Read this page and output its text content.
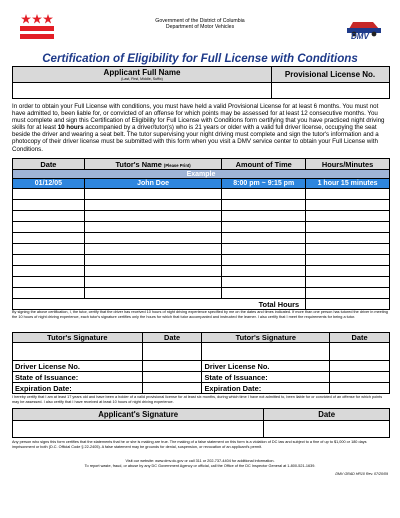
Government of the District of Columbia
Department of Motor Vehicles
DMV
Certification of Eligibility for Full License with Conditions
Applicant Full Name
(Last, First, Middle, Suffix)	Provisional License No.
In order to obtain your Full License with conditions, you must have held a valid Provisional License for at least 6 months. You must not have admitted to, been liable for, or convicted of an offense for which points may be assessed for at least 12 consecutive months. You must complete and sign this Certification of Eligibility for Full License with Conditions form certifying that you have practiced night driving skills for at least 10 hours accompanied by a driver/tutor(s) who is 21 years or older with a valid full driver license, occupying the seat beside the driver and wearing a seat belt. The tutor supervising your night driving must complete and sign the tutor's information and a photocopy of their driver license must be submitted with this form when you visit a DMV service center to obtain your Full License with Conditions.
Date	Tutor's Name (Please Print)	Amount of Time	Hours/Minutes
Example			
01/12/05	John Doe	8:00 pm ~ 9:15 pm	1 hour 15 minutes

Total Hours			
By signing the above certification, I, the tutor, certify that the driver has received 10 hours of night driving experience specified by me on the dates and times indicated. If more than one person has tutored the driver in meeting the 10 hours of night driving experience, each tutor's signature certifies only the hours for which that tutor accompanied and instructed the learner. I also certify that I meet the requirements for being a tutor.
Tutor's Signature	Date	Tutor's Signature	Date

Driver License No.		Driver License No.	
State of Issuance:		State of Issuance:	
Expiration Date:		Expiration Date:	
I hereby certify that I am at least 17 years old and have been a holder of a valid provisional license for at least six months, during which time I have not admitted to, been liable for or convicted of an offense for which points may be assessed. I also certify that I have received at least 10 hours of night driving experience.
Applicant's Signature	Date

Any person who signs this form certifies that the statements that he or she is making are true. The making of a false statement on this form is a violation of DC law and subject to a fine of up to $1,000 or 180 days imprisonment or both (D.C. Official Code § 22-2405). A false statement may be grounds for denial, suspension, or revocation of an applicant's permit.
Visit our website: www.dmv.dc.gov or call 311 or 202-737-4404 for additional information.
To report waste, fraud, or abuse by any DC Government Agency or official, call the Office of the DC Inspector General at 1-800-521-1639.
DMV GRAD HR10 Rev. 07/20/09
